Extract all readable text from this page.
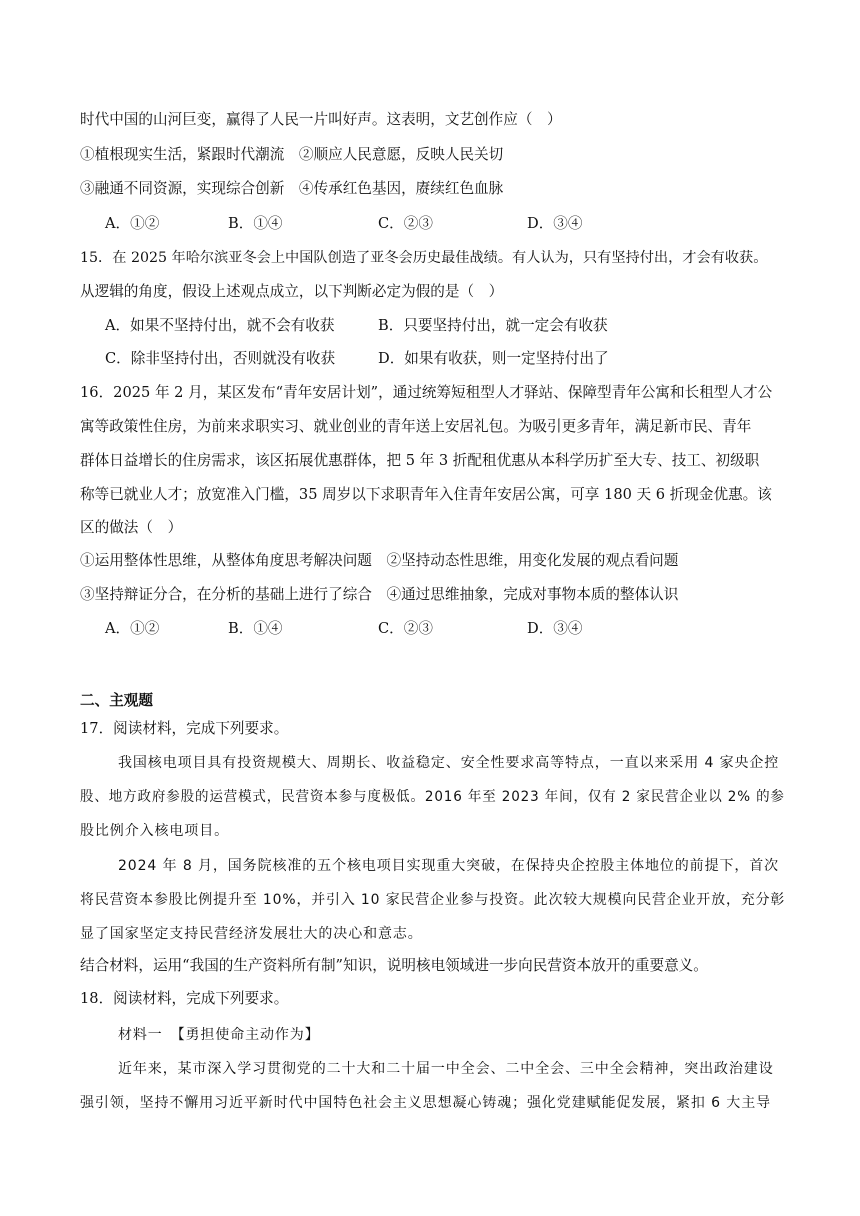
时代中国的山河巨变，赢得了人民一片叫好声。这表明，文艺创作应（　）
①植根现实生活，紧跟时代潮流　②顺应人民意愿，反映人民关切
③融通不同资源，实现综合创新　④传承红色基因，赓续红色血脉
A．①②	B．①④	C．②③	D．③④
15．在 2025 年哈尔滨亚冬会上中国队创造了亚冬会历史最佳战绩。有人认为，只有坚持付出，才会有收获。
从逻辑的角度，假设上述观点成立，以下判断必定为假的是（　）
A．如果不坚持付出，就不会有收获	B．只要坚持付出，就一定会有收获
C．除非坚持付出，否则就没有收获	D．如果有收获，则一定坚持付出了
16．2025 年 2 月，某区发布“青年安居计划”，通过统筹短租型人才驿站、保障型青年公寓和长租型人才公
寓等政策性住房，为前来求职实习、就业创业的青年送上安居礼包。为吸引更多青年，满足新市民、青年
群体日益增长的住房需求，该区拓展优惠群体，把 5 年 3 折配租优惠从本科学历扩至大专、技工、初级职
称等已就业人才；放宽准入门槛，35 周岁以下求职青年入住青年安居公寓，可享 180 天 6 折现金优惠。该
区的做法（　）
①运用整体性思维，从整体角度思考解决问题　②坚持动态性思维，用变化发展的观点看问题
③坚持辩证分合，在分析的基础上进行了综合　④通过思维抽象，完成对事物本质的整体认识
A．①②	B．①④	C．②③	D．③④
二、主观题
17．阅读材料，完成下列要求。
我国核电项目具有投资规模大、周期长、收益稳定、安全性要求高等特点，一直以来采用 4 家央企控
股、地方政府参股的运营模式，民营资本参与度极低。2016 年至 2023 年间，仅有 2 家民营企业以 2% 的参
股比例介入核电项目。
2024 年 8 月，国务院核准的五个核电项目实现重大突破，在保持央企控股主体地位的前提下，首次
将民营资本参股比例提升至 10%，并引入 10 家民营企业参与投资。此次较大规模向民营企业开放，充分彰
显了国家坚定支持民营经济发展壮大的决心和意志。
结合材料，运用“我国的生产资料所有制”知识，说明核电领域进一步向民营资本放开的重要意义。
18．阅读材料，完成下列要求。
材料一　【勇担使命主动作为】
近年来，某市深入学习贯彻党的二十大和二十届一中全会、二中全会、三中全会精神，突出政治建设
强引领，坚持不懈用习近平新时代中国特色社会主义思想凝心铸魂；强化党建赋能促发展，紧扣 6 大主导
